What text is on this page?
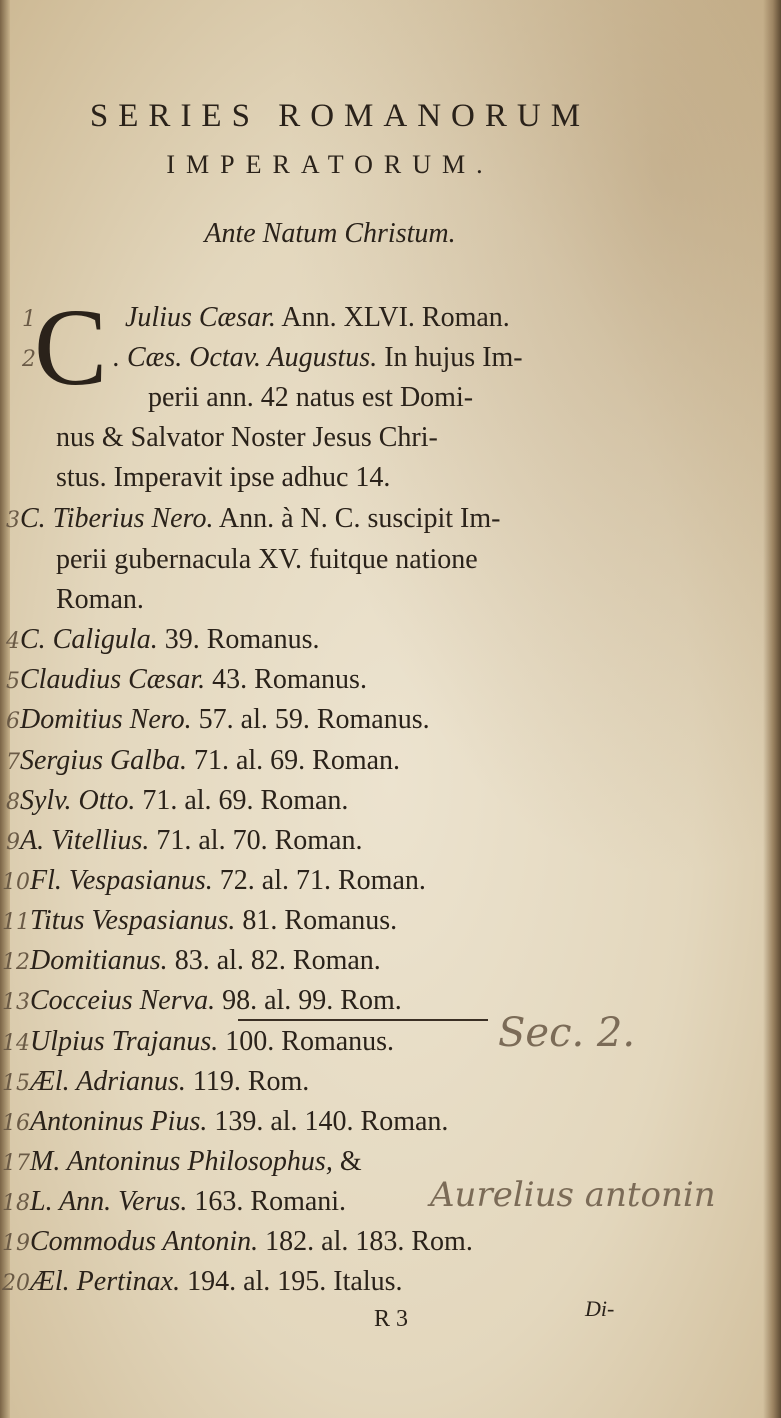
SERIES ROMANORUM
IMPERATORUM.
Ante Natum Christum.
C
1	Julius Cæsar. Ann. XLVI. Roman.
2	. Cæs. Octav. Augustus. In hujus Im-
perii ann. 42 natus est Domi-
nus & Salvator Noster Jesus Chri-
stus. Imperavit ipse adhuc 14.
3C. Tiberius Nero. Ann. à N. C. suscipit Im-
perii gubernacula XV. fuitque natione
Roman.
4C. Caligula. 39. Romanus.
5Claudius Cæsar. 43. Romanus.
6Domitius Nero. 57. al. 59. Romanus.
7Sergius Galba. 71. al. 69. Roman.
8Sylv. Otto. 71. al. 69. Roman.
9A. Vitellius. 71. al. 70. Roman.
10Fl. Vespasianus. 72. al. 71. Roman.
11Titus Vespasianus. 81. Romanus.
12Domitianus. 83. al. 82. Roman.
13Cocceius Nerva. 98. al. 99. Rom.
14Ulpius Trajanus. 100. Romanus.
15Æl. Adrianus. 119. Rom.
16Antoninus Pius. 139. al. 140. Roman.
17M. Antoninus Philosophus, &
18L. Ann. Verus. 163. Romani.
19Commodus Antonin. 182. al. 183. Rom.
20Æl. Pertinax. 194. al. 195. Italus.
Sec. 2.
Aurelius antonin
R 3	Di-
